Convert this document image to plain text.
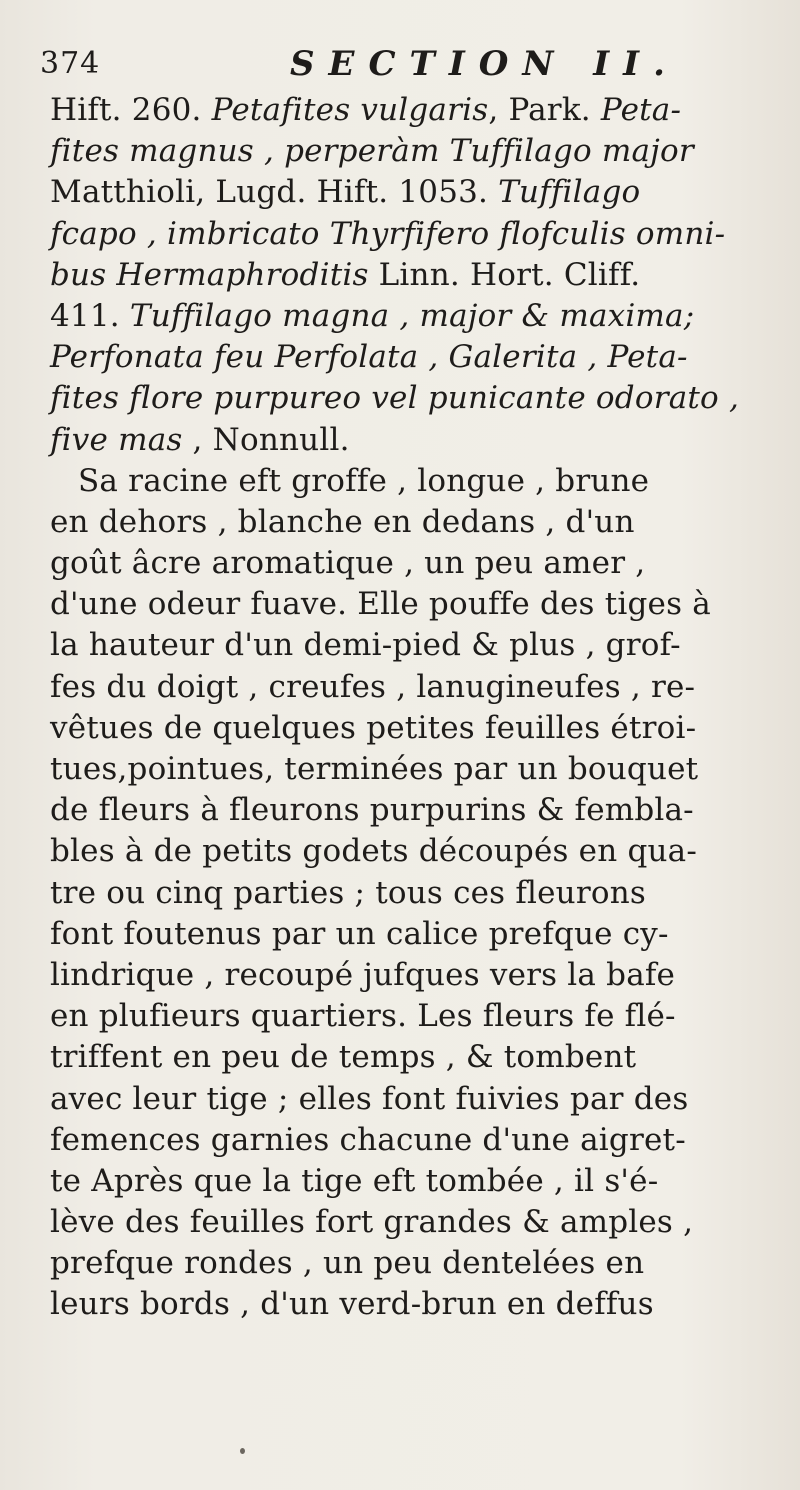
374	SECTION II.
Hift. 260. Petafites vulgaris, Park. Peta-
fites magnus , perperàm Tuffilago major
Matthioli, Lugd. Hift. 1053. Tuffilago
fcapo , imbricato Thyrfifero flofculis omni-
bus Hermaphroditis Linn. Hort. Cliff.
411. Tuffilago magna , major & maxima;
Perfonata feu Perfolata , Galerita , Peta-
fites flore purpureo vel punicante odorato ,
five mas , Nonnull.
Sa racine eft groffe , longue , brune
en dehors , blanche en dedans , d'un
goût âcre aromatique , un peu amer ,
d'une odeur fuave. Elle pouffe des tiges à
la hauteur d'un demi-pied & plus , grof-
fes du doigt , creufes , lanugineufes , re-
vêtues de quelques petites feuilles étroi-
tues,pointues, terminées par un bouquet
de fleurs à fleurons purpurins & fembla-
bles à de petits godets découpés en qua-
tre ou cinq parties ; tous ces fleurons
font foutenus par un calice prefque cy-
lindrique , recoupé jufques vers la bafe
en plufieurs quartiers. Les fleurs fe flé-
triffent en peu de temps , & tombent
avec leur tige ; elles font fuivies par des
femences garnies chacune d'une aigret-
te Après que la tige eft tombée , il s'é-
lève des feuilles fort grandes & amples ,
prefque rondes , un peu dentelées en
leurs bords , d'un verd-brun en deffus
